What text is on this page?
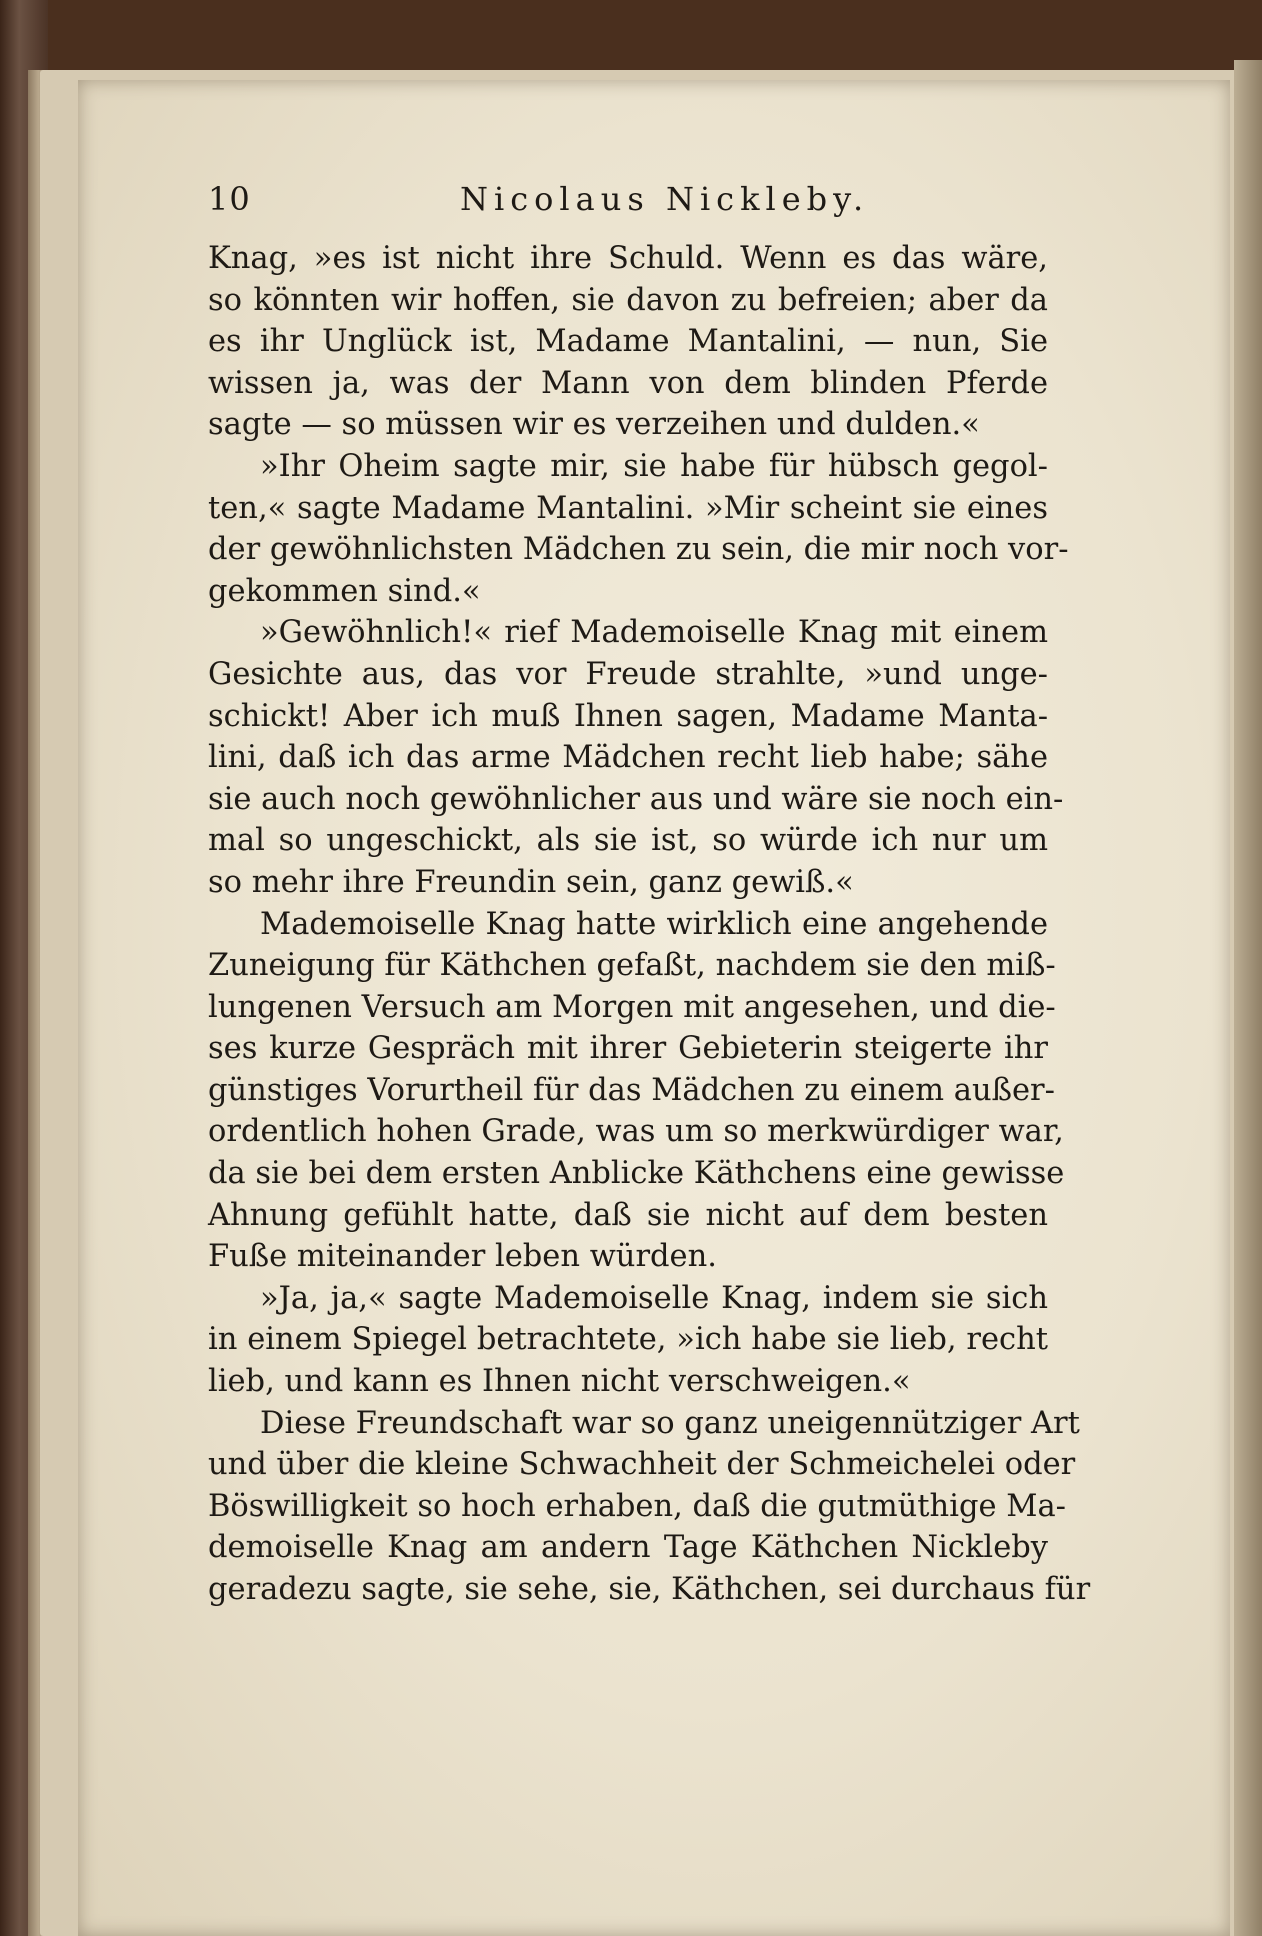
10	Nicolaus Nickleby.
Knag, »es ist nicht ihre Schuld. Wenn es das wäre,
so könnten wir hoffen, sie davon zu befreien; aber da
es ihr Unglück ist, Madame Mantalini, — nun, Sie
wissen ja, was der Mann von dem blinden Pferde
sagte — so müssen wir es verzeihen und dulden.«
»Ihr Oheim sagte mir, sie habe für hübsch gegol-
ten,« sagte Madame Mantalini. »Mir scheint sie eines
der gewöhnlichsten Mädchen zu sein, die mir noch vor-
gekommen sind.«
»Gewöhnlich!« rief Mademoiselle Knag mit einem
Gesichte aus, das vor Freude strahlte, »und unge-
schickt! Aber ich muß Ihnen sagen, Madame Manta-
lini, daß ich das arme Mädchen recht lieb habe; sähe
sie auch noch gewöhnlicher aus und wäre sie noch ein-
mal so ungeschickt, als sie ist, so würde ich nur um
so mehr ihre Freundin sein, ganz gewiß.«
Mademoiselle Knag hatte wirklich eine angehende
Zuneigung für Käthchen gefaßt, nachdem sie den miß-
lungenen Versuch am Morgen mit angesehen, und die-
ses kurze Gespräch mit ihrer Gebieterin steigerte ihr
günstiges Vorurtheil für das Mädchen zu einem außer-
ordentlich hohen Grade, was um so merkwürdiger war,
da sie bei dem ersten Anblicke Käthchens eine gewisse
Ahnung gefühlt hatte, daß sie nicht auf dem besten
Fuße miteinander leben würden.
»Ja, ja,« sagte Mademoiselle Knag, indem sie sich
in einem Spiegel betrachtete, »ich habe sie lieb, recht
lieb, und kann es Ihnen nicht verschweigen.«
Diese Freundschaft war so ganz uneigennütziger Art
und über die kleine Schwachheit der Schmeichelei oder
Böswilligkeit so hoch erhaben, daß die gutmüthige Ma-
demoiselle Knag am andern Tage Käthchen Nickleby
geradezu sagte, sie sehe, sie, Käthchen, sei durchaus für
